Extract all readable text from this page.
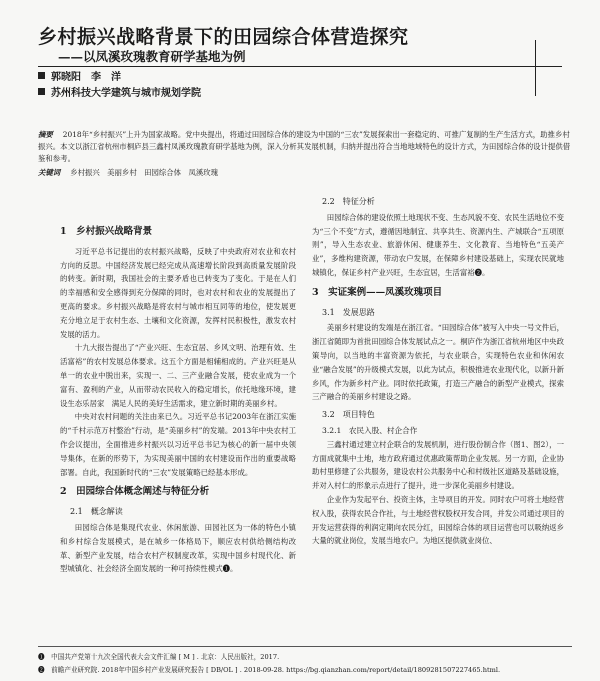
乡村振兴战略背景下的田园综合体营造探究
——以凤溪玫瑰教育研学基地为例
郭晓阳　李　洋
苏州科技大学建筑与城市规划学院
摘要 2018年“乡村振兴”上升为国家战略。党中央提出，将通过田园综合体的建设为中国的“三农”发展探索出一套稳定的、可推广复制的生产生活方式，助推乡村振兴。本文以浙江省杭州市桐庐县三鑫村凤溪玫瑰教育研学基地为例，深入分析其发展机制，归纳并提出符合当地地域特色的设计方式，为田园综合体的设计提供借鉴和参考。
关键词 乡村振兴　美丽乡村　田园综合体　凤溪玫瑰
1　乡村振兴战略背景

习近平总书记提出的农村振兴战略，反映了中央政府对农业和农村方向的反思。中国经济发展已经完成从高速增长阶段到高质量发展阶段的转变。新时期，我国社会的主要矛盾也已转变为了变化。于是在人们的幸福感和安全感得到充分保障的同时，也对农村和农业的发展提出了更高的要求。乡村振兴战略是将农村与城市相互同等的地位，使发展更充分地立足于农村生态、土壤和文化资源，发挥村民积极性，激发农村发展的活力。

十九大报告提出了“产业兴旺、生态宜居、乡风文明、治理有效、生活富裕”的农村发展总体要求。这五个方面是相辅相成的。产业兴旺是从单一的农业中脱出来，实现一、二、三产业融合发展，使农业成为一个富有、盈利的产业，从而带动农民收入的稳定增长，依托地缘环境，建设生态乐居家　满足人民的美好生活需求，建立新时期的美丽乡村。

中央对农村问题的关注由来已久。习近平总书记2003年在浙江实施的“千村示范万村整治”行动，是“美丽乡村”的发端。2013年中央农村工作会议提出，全面推进乡村振兴以习近平总书记为核心的新一届中央领导集体，在新的形势下，为实现美丽中国的农村建设而作出的重要战略部署。自此，我国新时代的“三农”发展策略已经基本形成。

2　田园综合体概念阐述与特征分析
2.1　概念解读

田园综合体是集现代农业、休闲旅游、田园社区为一体的特色小镇和乡村综合发展模式，是在城乡一体格局下，顺应农村供给侧结构改革、新型产业发展，结合农村产权制度改革，实现中国乡村现代化、新型城镇化、社会经济全面发展的一种可持续性模式❶。

2.2　特征分析

田园综合体的建设依照土地现状不变、生态风貌不变、农民生活地位不变为“三个不变”方式，遵循因地制宜、共享共生、资源内生、产城联合“五项原则”，导入生态农业、旅游休闲、健康养生、文化教育、当地特色“五美产业”，多维构建资源，带动农户发展，在保障乡村建设基础上，实现农民就地城镇化，保证乡村产业兴旺，生态宜居，生活富裕❷。

3　实证案例——凤溪玫瑰项目
3.1　发展思路

美丽乡村建设的发端是在浙江省。“田园综合体”被写入中央一号文件后，浙江省随即为首批田园综合体发展试点之一。桐庐作为浙江省杭州地区中央政策导向，以当地的丰富资源为依托，与农业联合，实现特色农业和休闲农业“融合发展”的升级模式发展，以此为试点，积极推进农业现代化，以新升新乡风，作为新乡村产业。同时依托政策，打造三产融合的新型产业模式，探索三产融合的美丽乡村建设之路。

3.2　项目特色
3.2.1　农民入股、村企合作

三鑫村通过建立村企联合的发展机制，进行股份制合作（图1、图2），一方面成就集中土地，地方政府通过优惠政策帮助企业发展。另一方面，企业协助村里修建了公共服务，建设农村公共服务中心和村级社区道路及基础设施，并对入村仁的形象示点进行了提升，进一步深化美丽乡村建设。

企业作为发起平台、投资主体，主导项目的开发。同时农户可将土地经营权入股，获得农民合作社，与土地经营权股权开发合同，并发公司通过项目的开发运营获得的利润定期向农民分红，田园综合体的项目运营也可以吸纳返乡大量的就业岗位，发展当地农户。为地区提供就业岗位、

❶　中国共产党第十九次全国代表大会文件汇编 [ M ] . 北京：人民出版社，2017.
❷　前瞻产业研究院. 2018年中国乡村产业发展研究报告 [ DB/OL ] . 2018-09-28. https://bg.qianzhan.com/report/detail/1809281507227465.html.
